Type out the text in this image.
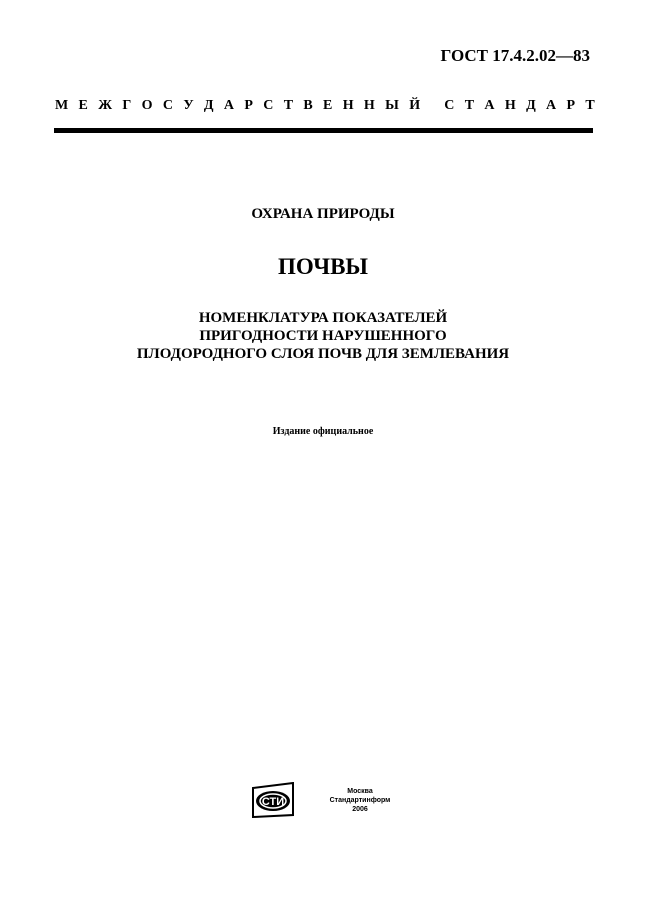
ГОСТ 17.4.2.02—83
М Е Ж Г О С У Д А Р С Т В Е Н Н Ы Й
С Т А Н Д А Р Т
ОХРАНА ПРИРОДЫ
ПОЧВЫ
НОМЕНКЛАТУРА ПОКАЗАТЕЛЕЙ
ПРИГОДНОСТИ НАРУШЕННОГО
ПЛОДОРОДНОГО СЛОЯ ПОЧВ ДЛЯ ЗЕМЛЕВАНИЯ
Издание официальное
СТИ
Москва
Стандартинформ
2006
